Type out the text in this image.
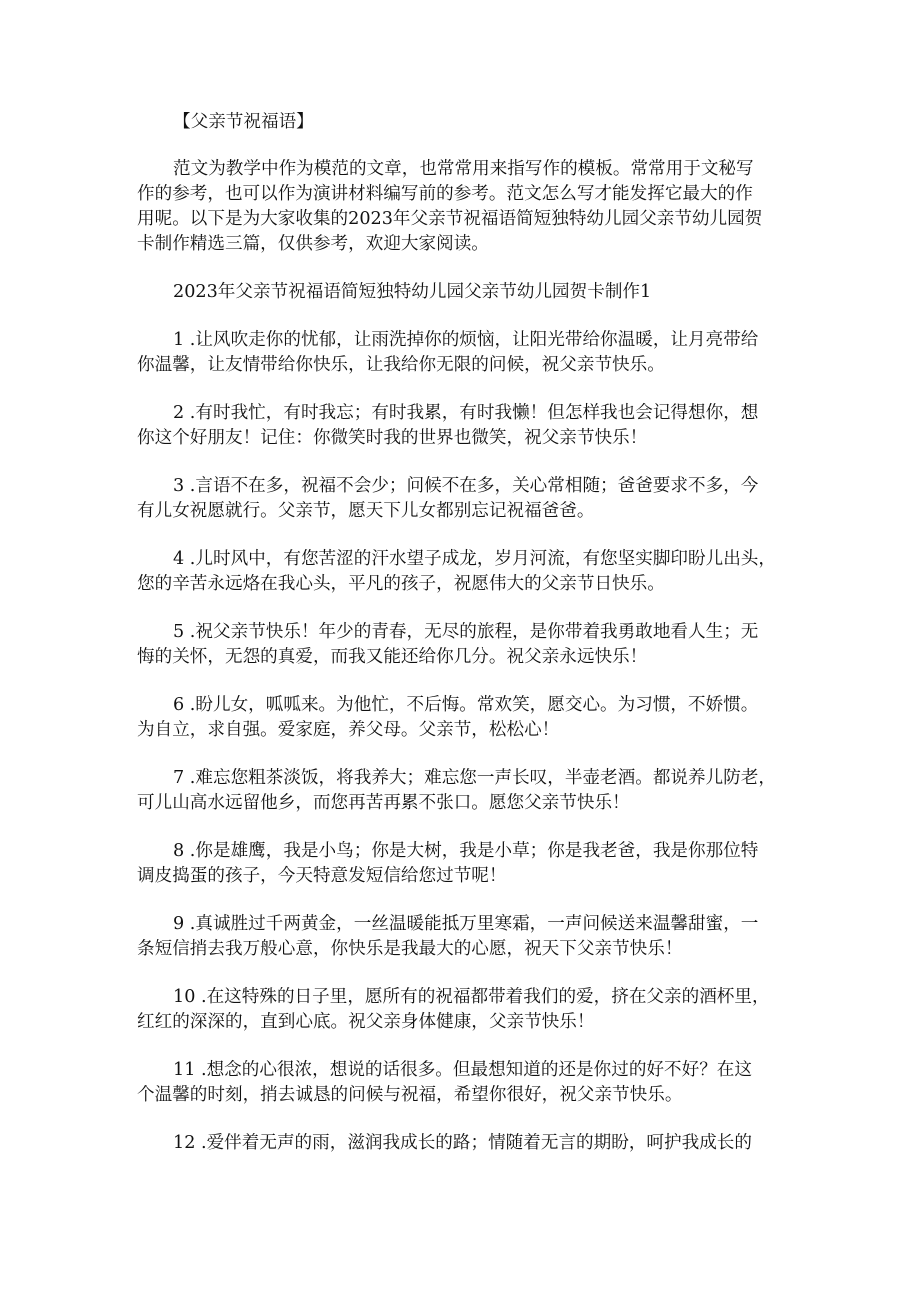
【父亲节祝福语】

范文为教学中作为模范的文章，也常常用来指写作的模板。常常用于文秘写

作的参考，也可以作为演讲材料编写前的参考。范文怎么写才能发挥它最大的作

用呢。以下是为大家收集的2023年父亲节祝福语简短独特幼儿园父亲节幼儿园贺

卡制作精选三篇，仅供参考，欢迎大家阅读。

2023年父亲节祝福语简短独特幼儿园父亲节幼儿园贺卡制作1

1 .让风吹走你的忧郁，让雨洗掉你的烦恼，让阳光带给你温暖，让月亮带给

你温馨，让友情带给你快乐，让我给你无限的问候，祝父亲节快乐。

2 .有时我忙，有时我忘；有时我累，有时我懒！但怎样我也会记得想你，想

你这个好朋友！记住：你微笑时我的世界也微笑，祝父亲节快乐！

3 .言语不在多，祝福不会少；问候不在多，关心常相随；爸爸要求不多，今

有儿女祝愿就行。父亲节，愿天下儿女都别忘记祝福爸爸。

4 .儿时风中，有您苦涩的汗水望子成龙，岁月河流，有您坚实脚印盼儿出头，

您的辛苦永远烙在我心头，平凡的孩子，祝愿伟大的父亲节日快乐。

5 .祝父亲节快乐！年少的青春，无尽的旅程，是你带着我勇敢地看人生；无

悔的关怀，无怨的真爱，而我又能还给你几分。祝父亲永远快乐！

6 .盼儿女，呱呱来。为他忙，不后悔。常欢笑，愿交心。为习惯，不娇惯。

为自立，求自强。爱家庭，养父母。父亲节，松松心！

7 .难忘您粗茶淡饭，将我养大；难忘您一声长叹，半壶老酒。都说养儿防老，

可儿山高水远留他乡，而您再苦再累不张口。愿您父亲节快乐！

8 .你是雄鹰，我是小鸟；你是大树，我是小草；你是我老爸，我是你那位特

调皮捣蛋的孩子，今天特意发短信给您过节呢！

9 .真诚胜过千两黄金，一丝温暖能抵万里寒霜，一声问候送来温馨甜蜜，一

条短信捎去我万般心意，你快乐是我最大的心愿，祝天下父亲节快乐！

10 .在这特殊的日子里，愿所有的祝福都带着我们的爱，挤在父亲的酒杯里，

红红的深深的，直到心底。祝父亲身体健康，父亲节快乐！

11 .想念的心很浓，想说的话很多。但最想知道的还是你过的好不好？在这

个温馨的时刻，捎去诚恳的问候与祝福，希望你很好，祝父亲节快乐。

12 .爱伴着无声的雨，滋润我成长的路；情随着无言的期盼，呵护我成长的
